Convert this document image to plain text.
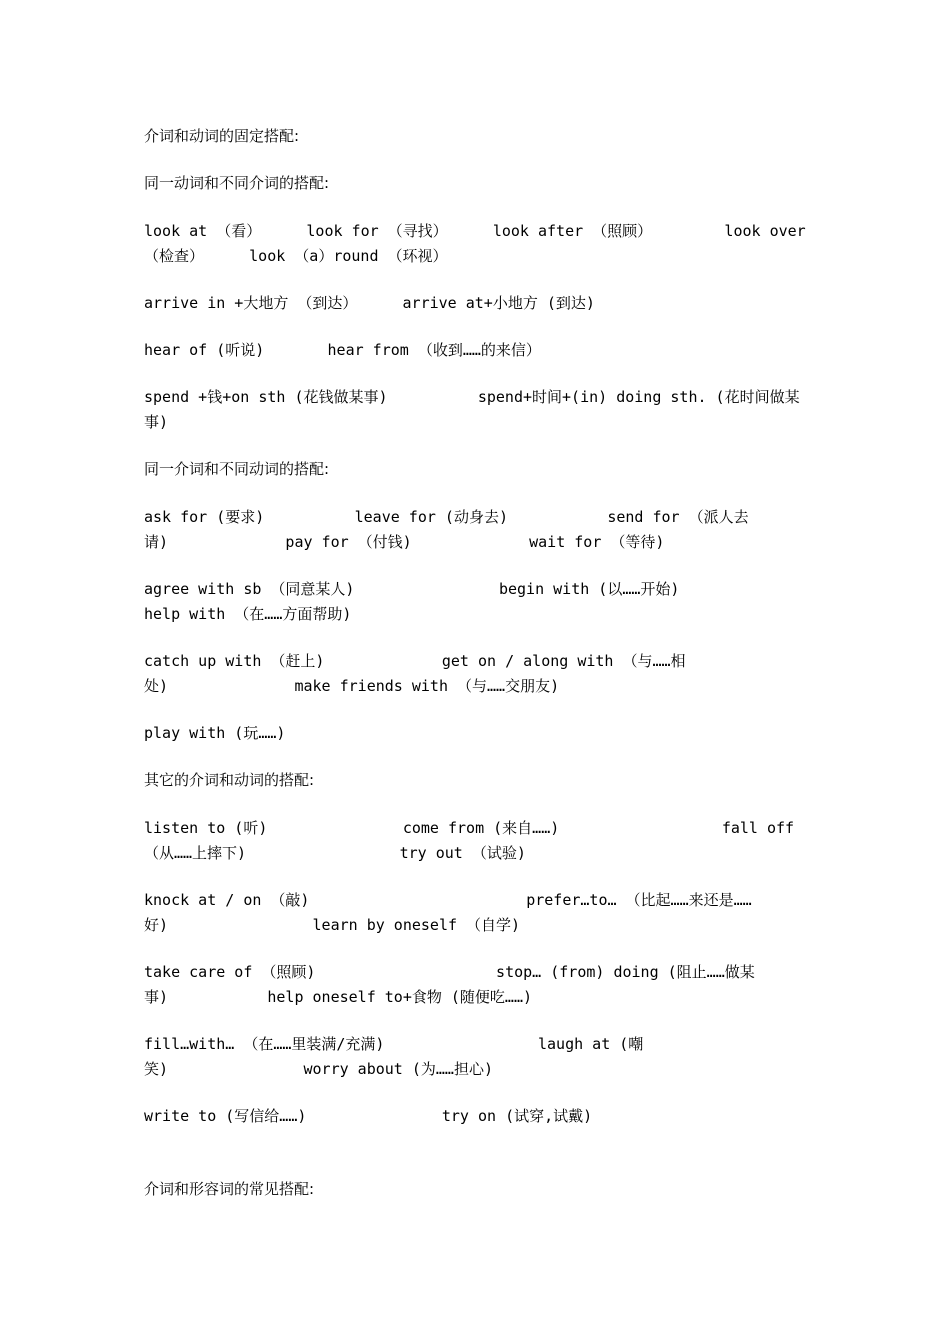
介词和动词的固定搭配:
同一动词和不同介词的搭配:
look at （看）     look for （寻找）     look after （照顾）        look over
（检查）     look （a）round （环视）
arrive in +大地方 （到达）     arrive at+小地方 (到达)
hear of (听说)       hear from （收到……的来信）
spend +钱+on sth (花钱做某事)          spend+时间+(in) doing sth. (花时间做某
事)
同一介词和不同动词的搭配:
ask for (要求)          leave for (动身去)           send for （派人去
请)             pay for （付钱)             wait for （等待)
agree with sb （同意某人)                begin with (以……开始)
help with （在……方面帮助)
catch up with （赶上)             get on / along with （与……相
处)              make friends with （与……交朋友)
play with (玩……)
其它的介词和动词的搭配:
listen to (听)               come from (来自……)                  fall off
（从……上摔下)                 try out （试验)
knock at / on （敲)                        prefer…to… （比起……来还是……
好)                learn by oneself （自学)
take care of （照顾)                    stop… (from) doing (阻止……做某
事)           help oneself to+食物 (随便吃……)
fill…with… （在……里装满/充满)                 laugh at (嘲
笑)               worry about (为……担心)
write to (写信给……)               try on (试穿,试戴)
介词和形容词的常见搭配:
